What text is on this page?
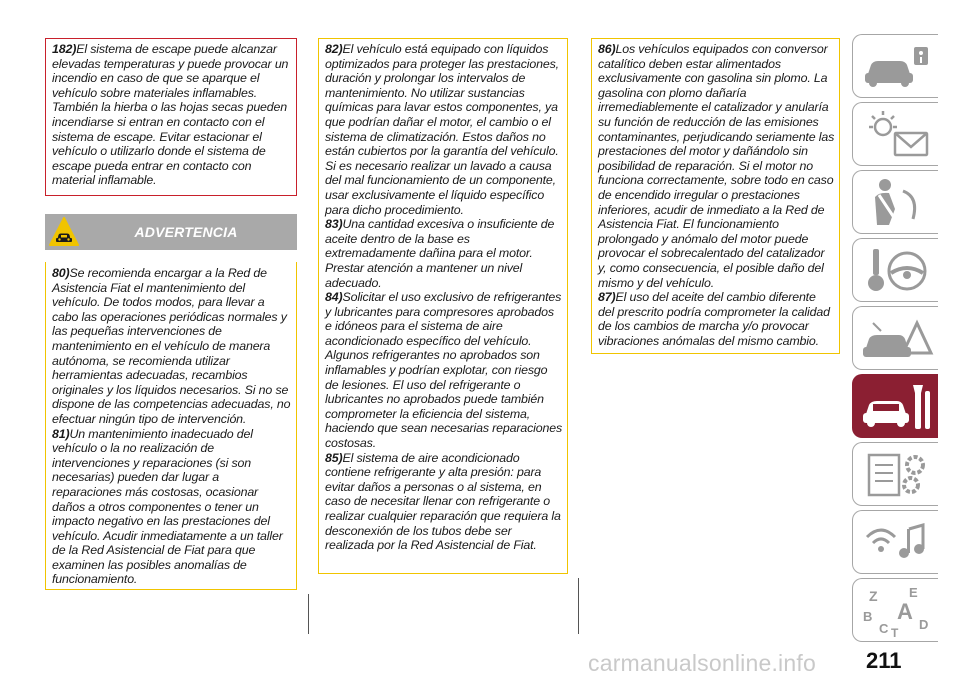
182)El sistema de escape puede alcanzar elevadas temperaturas y puede provocar un incendio en caso de que se aparque el vehículo sobre materiales inflamables. También la hierba o las hojas secas pueden incendiarse si entran en contacto con el sistema de escape. Evitar estacionar el vehículo o utilizarlo donde el sistema de escape pueda entrar en contacto con material inflamable.

ADVERTENCIA

80)Se recomienda encargar a la Red de Asistencia Fiat el mantenimiento del vehículo. De todos modos, para llevar a cabo las operaciones periódicas normales y las pequeñas intervenciones de mantenimiento en el vehículo de manera autónoma, se recomienda utilizar herramientas adecuadas, recambios originales y los líquidos necesarios. Si no se dispone de las competencias adecuadas, no efectuar ningún tipo de intervención.

81)Un mantenimiento inadecuado del vehículo o la no realización de intervenciones y reparaciones (si son necesarias) pueden dar lugar a reparaciones más costosas, ocasionar daños a otros componentes o tener un impacto negativo en las prestaciones del vehículo. Acudir inmediatamente a un taller de la Red Asistencial de Fiat para que examinen las posibles anomalías de funcionamiento.

82)El vehículo está equipado con líquidos optimizados para proteger las prestaciones, duración y prolongar los intervalos de mantenimiento. No utilizar sustancias químicas para lavar estos componentes, ya que podrían dañar el motor, el cambio o el sistema de climatización. Estos daños no están cubiertos por la garantía del vehículo. Si es necesario realizar un lavado a causa del mal funcionamiento de un componente, usar exclusivamente el líquido específico para dicho procedimiento.

83)Una cantidad excesiva o insuficiente de aceite dentro de la base es extremadamente dañina para el motor. Prestar atención a mantener un nivel adecuado.

84)Solicitar el uso exclusivo de refrigerantes y lubricantes para compresores aprobados e idóneos para el sistema de aire acondicionado específico del vehículo. Algunos refrigerantes no aprobados son inflamables y podrían explotar, con riesgo de lesiones. El uso del refrigerante o lubricantes no aprobados puede también comprometer la eficiencia del sistema, haciendo que sean necesarias reparaciones costosas.

85)El sistema de aire acondicionado contiene refrigerante y alta presión: para evitar daños a personas o al sistema, en caso de necesitar llenar con refrigerante o realizar cualquier reparación que requiera la desconexión de los tubos debe ser realizada por la Red Asistencial de Fiat.

86)Los vehículos equipados con conversor catalítico deben estar alimentados exclusivamente con gasolina sin plomo. La gasolina con plomo dañaría irremediablemente el catalizador y anularía su función de reducción de las emisiones contaminantes, perjudicando seriamente las prestaciones del motor y dañándolo sin posibilidad de reparación. Si el motor no funciona correctamente, sobre todo en caso de encendido irregular o prestaciones inferiores, acudir de inmediato a la Red de Asistencia Fiat. El funcionamiento prolongado y anómalo del motor puede provocar el sobrecalentado del catalizador y, como consecuencia, el posible daño del mismo y del vehículo.

87)El uso del aceite del cambio diferente del prescrito podría comprometer la calidad de los cambios de marcha y/o provocar vibraciones anómalas del mismo cambio.

Z E
B A
C T
D
carmanualsonline.info 211
